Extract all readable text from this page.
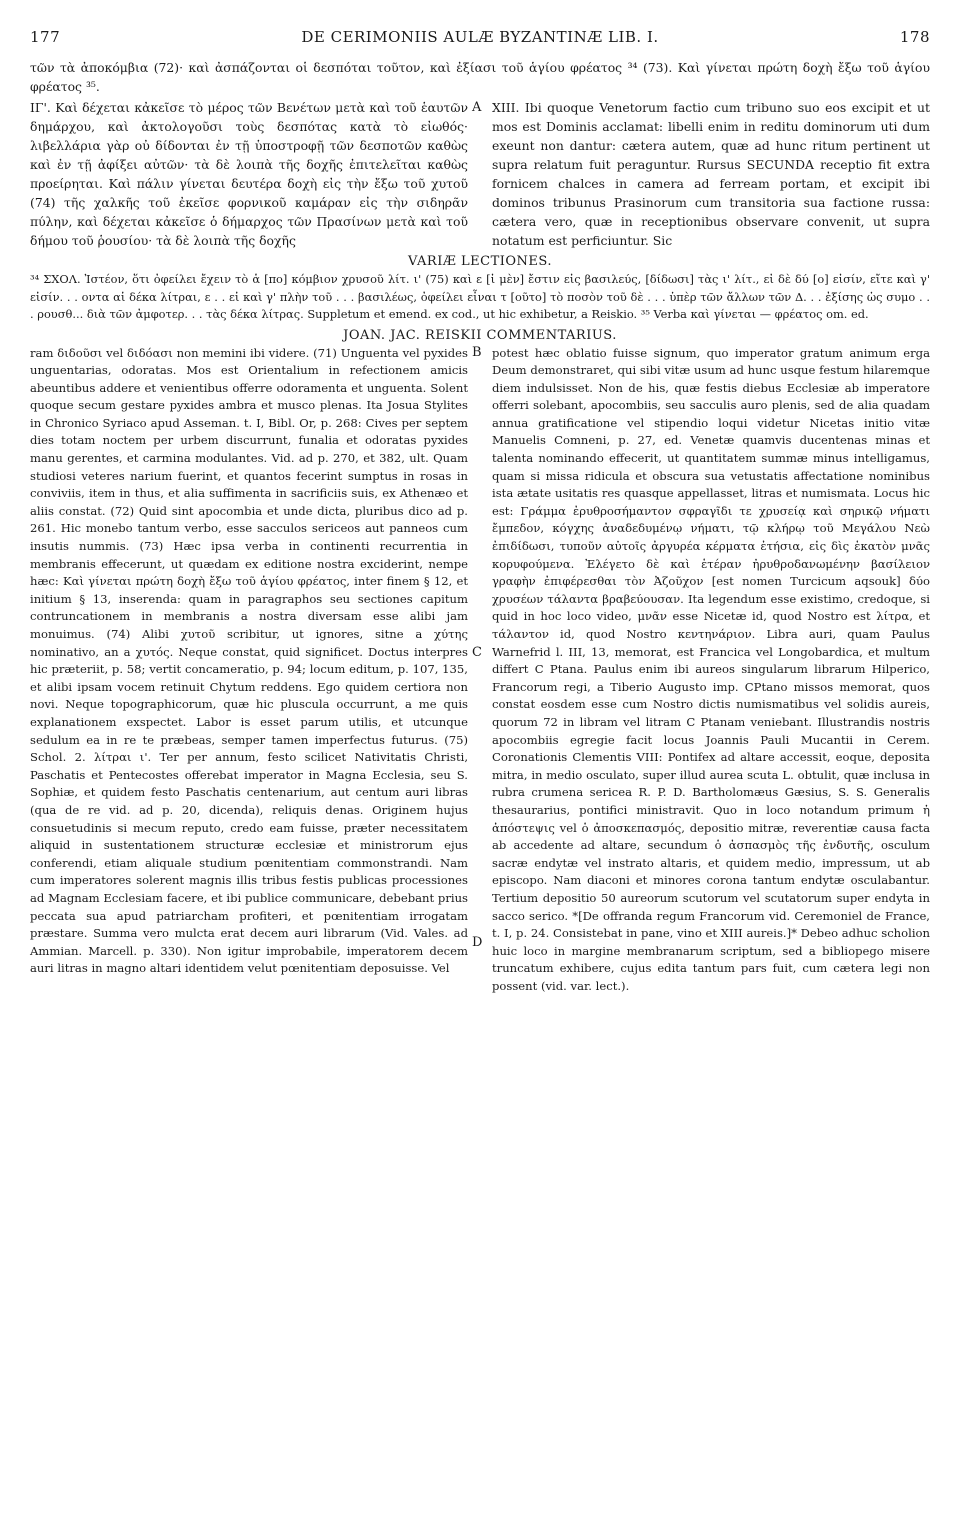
177	DE CERIMONIIS AULÆ BYZANTINÆ LIB. I.	178

τῶν τὰ ἀποκόμβια (72)· καὶ ἀσπάζονται οἱ δεσπόται τοῦτον, καὶ ἐξίασι τοῦ ἁγίου φρέατος ³⁴ (73). Καὶ γίνεται πρώτη δοχὴ ἔξω τοῦ ἁγίου φρέατος ³⁵.

ΙΓ'. Καὶ δέχεται κἀκεῖσε τὸ μέρος τῶν Βενέτων μετὰ καὶ τοῦ ἑαυτῶν δημάρχου, καὶ ἀκτολογοῦσι τοὺς δεσπότας κατὰ τὸ εἰωθός· λιβελλάρια γὰρ οὐ δίδονται ἐν τῇ ὑποστροφῇ τῶν δεσποτῶν καθὼς καὶ ἐν τῇ ἀφίξει αὐτῶν· τὰ δὲ λοιπὰ τῆς δοχῆς ἐπιτελεῖται καθὼς προείρηται. Καὶ πάλιν γίνεται δευτέρα δοχὴ εἰς τὴν ἔξω τοῦ χυτοῦ (74) τῆς χαλκῆς τοῦ ἐκεῖσε φορνικοῦ καμάραν εἰς τὴν σιδηρᾶν πύλην, καὶ δέχεται κἀκεῖσε ὁ δήμαρχος τῶν Πρασίνων μετὰ καὶ τοῦ δήμου τοῦ ῥουσίου· τὰ δὲ λοιπὰ τῆς δοχῆς

A XIII. Ibi quoque Venetorum factio cum tribuno suo eos excipit et ut mos est Dominis acclamat: libelli enim in reditu dominorum uti dum exeunt non dantur: cætera autem, quæ ad hunc ritum pertinent ut supra relatum fuit peraguntur. Rursus SECUNDA receptio fit extra fornicem chalces in camera ad ferream portam, et excipit ibi dominos tribunus Prasinorum cum transitoria sua factione russa: cætera vero, quæ in receptionibus observare convenit, ut supra notatum est perficiuntur. Sic

VARIÆ LECTIONES.

³⁴ ΣΧΟΛ. Ἰστέον, ὅτι ὀφείλει ἔχειν τὸ ἁ [πο] κόμβιον χρυσοῦ λίτ. ι' (75) καὶ ε [ἰ μὲν] ἔστιν εἰς βασιλεύς, [δίδωσι] τὰς ι' λίτ., εἰ δὲ δύ [ο] εἰσίν, εἴτε καὶ γ' εἰσίν. . . οντα αἱ δέκα λίτραι, ε . . εἰ καὶ γ' πλὴν τοῦ . . . βασιλέως, ὀφείλει εἶναι τ [οῦτο] τὸ ποσὸν τοῦ δὲ . . . ὑπὲρ τῶν ἄλλων τῶν Δ. . . ἐξίσης ὡς συμο . . . ρουσθ... διὰ τῶν ἀμφοτερ. . . τὰς δέκα λίτρας. Suppletum et emend. ex cod., ut hic exhibetur, a Reiskio. ³⁵ Verba καὶ γίνεται — φρέατος om. ed.

JOAN. JAC. REISKII COMMENTARIUS.

ram διδοῦσι vel διδόασι non memini ibi videre. (71) Unguenta vel pyxides unguentarias, odoratas. Mos est Orientalium in refectionem amicis abeuntibus addere et venientibus offerre odoramenta et unguenta. Solent quoque secum gestare pyxides ambra et musco plenas. Ita Josua Stylites in Chronico Syriaco apud Asseman. t. I, Bibl. Or, p. 268: Cives per septem dies totam noctem per urbem discurrunt, funalia et odoratas pyxides manu gerentes, et carmina modulantes. Vid. ad p. 270, et 382, ult. Quam studiosi veteres narium fuerint, et quantos fecerint sumptus in rosas in conviviis, item in thus, et alia suffimenta in sacrificiis suis, ex Athenæo et aliis constat. (72) Quid sint apocombia et unde dicta, pluribus dico ad p. 261. Hic monebo tantum verbo, esse sacculos sericeos aut panneos cum insutis nummis. (73) Hæc ipsa verba in continenti recurrentia in membranis effecerunt, ut quædam ex editione nostra exciderint, nempe hæc: Καὶ γίνεται πρώτη δοχὴ ἔξω τοῦ ἁγίου φρέατος, inter finem § 12, et initium § 13, inserenda: quam in paragraphos seu sectiones capitum contruncationem in membranis a nostra diversam esse alibi jam monuimus. (74) Alibi χυτοῦ scribitur, ut ignores, sitne a χύτης nominativo, an a χυτός. Neque constat, quid significet. Doctus interpres hic præteriit, p. 58; vertit concameratio, p. 94; locum editum, p. 107, 135, et alibi ipsam vocem retinuit Chytum reddens. Ego quidem certiora non novi. Neque topographicorum, quæ hic pluscula occurrunt, a me quis explanationem exspectet. Labor is esset parum utilis, et utcunque sedulum ea in re te præbeas, semper tamen imperfectus futurus. (75) Schol. 2. λίτραι ι'. Ter per annum, festo scilicet Nativitatis Christi, Paschatis et Pentecostes offerebat imperator in Magna Ecclesia, seu S. Sophiæ, et quidem festo Paschatis centenarium, aut centum auri libras (qua de re vid. ad p. 20, dicenda), reliquis denas. Originem hujus consuetudinis si mecum reputo, credo eam fuisse, præter necessitatem aliquid in sustentationem structuræ ecclesiæ et ministrorum ejus conferendi, etiam aliquale studium pœnitentiam commonstrandi. Nam cum imperatores solerent magnis illis tribus festis publicas processiones ad Magnam Ecclesiam facere, et ibi publice communicare, debebant prius peccata sua apud patriarcham profiteri, et pœnitentiam irrogatam præstare. Summa vero mulcta erat decem auri librarum (Vid. Vales. ad Ammian. Marcell. p. 330). Non igitur improbabile, imperatorem decem auri litras in magno altari identidem velut pœnitentiam deposuisse. Vel

B
C
D

potest hæc oblatio fuisse signum, quo imperator gratum animum erga Deum demonstraret, qui sibi vitæ usum ad hunc usque festum hilaremque diem indulsisset. Non de his, quæ festis diebus Ecclesiæ ab imperatore offerri solebant, apocombiis, seu sacculis auro plenis, sed de alia quadam annua gratificatione vel stipendio loqui videtur Nicetas initio vitæ Manuelis Comneni, p. 27, ed. Venetæ quamvis ducentenas minas et talenta nominando effecerit, ut quantitatem summæ minus intelligamus, quam si missa ridicula et obscura sua vetustatis affectatione nominibus ista ætate usitatis res quasque appellasset, litras et numismata. Locus hic est: Γράμμα ἐρυθροσήμαντον σφραγῖδι τε χρυσείᾳ καὶ σηρικῷ νήματι ἔμπεδον, κόγχης ἀναδεδυμένῳ νήματι, τῷ κλήρῳ τοῦ Μεγάλου Νεὼ ἐπιδίδωσι, τυποῦν αὐτοῖς ἀργυρέα κέρματα ἐτήσια, εἰς δὶς ἑκατὸν μνᾶς κορυφούμενα. Ἐλέγετο δὲ καὶ ἑτέραν ἠρυθροδανωμένην βασίλειον γραφὴν ἐπιφέρεσθαι τὸν Ἀζοῦχον [est nomen Turcicum aqsouk] δύο χρυσέων τάλαντα βραβεύουσαν. Ita legendum esse existimo, credoque, si quid in hoc loco video, μνᾶν esse Nicetæ id, quod Nostro est λίτρα, et τάλαντον id, quod Nostro κεντηνάριον. Libra auri, quam Paulus Warnefrid l. III, 13, memorat, est Francica vel Longobardica, et multum differt C Ptana. Paulus enim ibi aureos singularum librarum Hilperico, Francorum regi, a Tiberio Augusto imp. CPtano missos memorat, quos constat eosdem esse cum Nostro dictis numismatibus vel solidis aureis, quorum 72 in libram vel litram C Ptanam veniebant. Illustrandis nostris apocombiis egregie facit locus Joannis Pauli Mucantii in Cerem. Coronationis Clementis VIII: Pontifex ad altare accessit, eoque, deposita mitra, in medio osculato, super illud aurea scuta L. obtulit, quæ inclusa in rubra crumena sericea R. P. D. Bartholomæus Gæsius, S. S. Generalis thesaurarius, pontifici ministravit. Quo in loco notandum primum ἡ ἀπόστεψις vel ὁ ἀποσκεπασμός, depositio mitræ, reverentiæ causa facta ab accedente ad altare, secundum ὁ ἀσπασμὸς τῆς ἐνδυτῆς, osculum sacræ endytæ vel instrato altaris, et quidem medio, impressum, ut ab episcopo. Nam diaconi et minores corona tantum endytæ osculabantur. Tertium depositio 50 aureorum scutorum vel scutatorum super endyta in sacco serico. *[De offranda regum Francorum vid. Ceremoniel de France, t. I, p. 24. Consistebat in pane, vino et XIII aureis.]* Debeo adhuc scholion huic loco in margine membranarum scriptum, sed a bibliopego misere truncatum exhibere, cujus edita tantum pars fuit, cum cætera legi non possent (vid. var. lect.).
